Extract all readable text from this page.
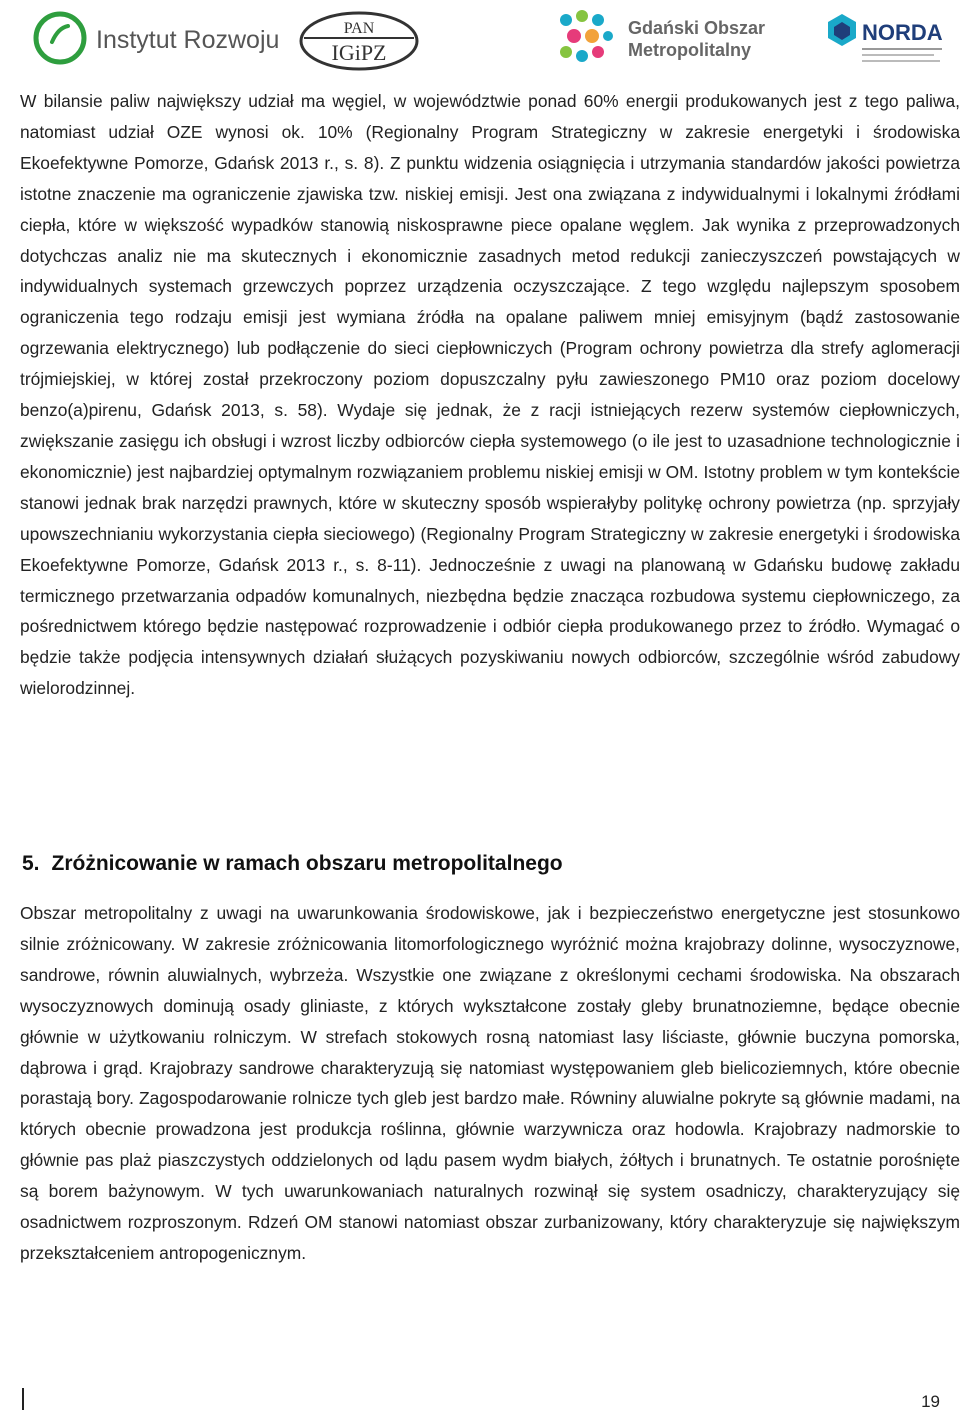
Instytut Rozwoju	PAN
IGiPZ
Gdański Obszar
Metropolitalny
NORDA

W bilansie paliw największy udział ma węgiel, w województwie ponad 60% energii produkowanych jest z tego paliwa, natomiast udział OZE wynosi ok. 10% (Regionalny Program Strategiczny w zakresie energetyki i środowiska Ekoefektywne Pomorze, Gdańsk 2013 r., s. 8). Z punktu widzenia osiągnięcia i utrzymania standardów jakości powietrza istotne znaczenie ma ograniczenie zjawiska tzw. niskiej emisji. Jest ona związana z indywidualnymi i lokalnymi źródłami ciepła, które w większość wypadków stanowią niskosprawne piece opalane węglem. Jak wynika z przeprowadzonych dotychczas analiz nie ma skutecznych i ekonomicznie zasadnych metod redukcji zanieczyszczeń powstających w indywidualnych systemach grzewczych poprzez urządzenia oczyszczające. Z tego względu najlepszym sposobem ograniczenia tego rodzaju emisji jest wymiana źródła na opalane paliwem mniej emisyjnym (bądź zastosowanie ogrzewania elektrycznego) lub podłączenie do sieci ciepłowniczych (Program ochrony powietrza dla strefy aglomeracji trójmiejskiej, w której został przekroczony poziom dopuszczalny pyłu zawieszonego PM10 oraz poziom docelowy benzo(a)pirenu, Gdańsk 2013, s. 58). Wydaje się jednak, że z racji istniejących rezerw systemów ciepłowniczych, zwiększanie zasięgu ich obsługi i wzrost liczby odbiorców ciepła systemowego (o ile jest to uzasadnione technologicznie i ekonomicznie) jest najbardziej optymalnym rozwiązaniem problemu niskiej emisji w OM. Istotny problem w tym kontekście stanowi jednak brak narzędzi prawnych, które w skuteczny sposób wspierałyby politykę ochrony powietrza (np. sprzyjały upowszechnianiu wykorzystania ciepła sieciowego) (Regionalny Program Strategiczny w zakresie energetyki i środowiska Ekoefektywne Pomorze, Gdańsk 2013 r., s. 8-11). Jednocześnie z uwagi na planowaną w Gdańsku budowę zakładu termicznego przetwarzania odpadów komunalnych, niezbędna będzie znacząca rozbudowa systemu ciepłowniczego, za pośrednictwem którego będzie następować rozprowadzenie i odbiór ciepła produkowanego przez to źródło. Wymagać o będzie także podjęcia intensywnych działań służących pozyskiwaniu nowych odbiorców, szczególnie wśród zabudowy wielorodzinnej.

5. Zróżnicowanie w ramach obszaru metropolitalnego

Obszar metropolitalny z uwagi na uwarunkowania środowiskowe, jak i bezpieczeństwo energetyczne jest stosunkowo silnie zróżnicowany. W zakresie zróżnicowania litomorfologicznego wyróżnić można krajobrazy dolinne, wysoczyznowe, sandrowe, równin aluwialnych, wybrzeża. Wszystkie one związane z określonymi cechami środowiska. Na obszarach wysoczyznowych dominują osady gliniaste, z których wykształcone zostały gleby brunatnoziemne, będące obecnie głównie w użytkowaniu rolniczym. W strefach stokowych rosną natomiast lasy liściaste, głównie buczyna pomorska, dąbrowa i grąd. Krajobrazy sandrowe charakteryzują się natomiast występowaniem gleb bielicoziemnych, które obecnie porastają bory. Zagospodarowanie rolnicze tych gleb jest bardzo małe. Równiny aluwialne pokryte są głównie madami, na których obecnie prowadzona jest produkcja roślinna, głównie warzywnicza oraz hodowla. Krajobrazy nadmorskie to głównie pas plaż piaszczystych oddzielonych od lądu pasem wydm białych, żółtych i brunatnych. Te ostatnie porośnięte są borem bażynowym. W tych uwarunkowaniach naturalnych rozwinął się system osadniczy, charakteryzujący się osadnictwem rozproszonym. Rdzeń OM stanowi natomiast obszar zurbanizowany, który charakteryzuje się największym przekształceniem antropogenicznym.

19
